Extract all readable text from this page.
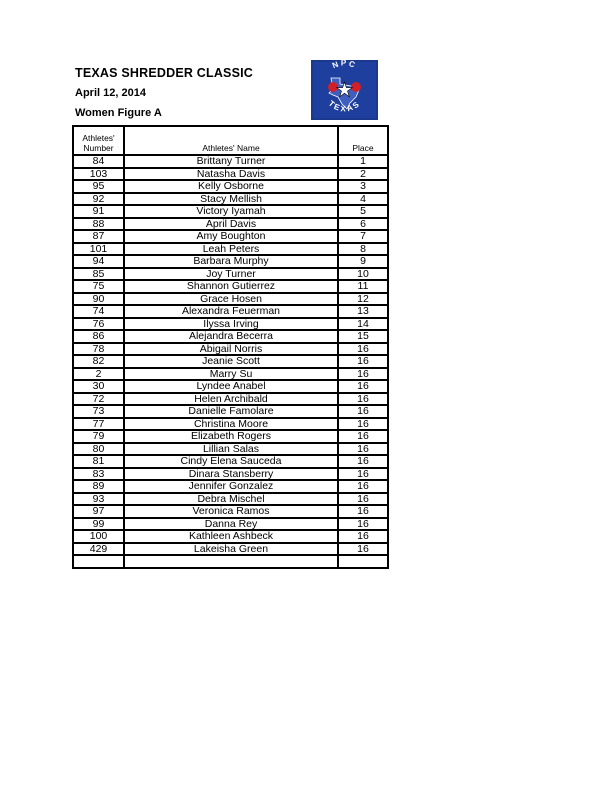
TEXAS SHREDDER CLASSIC
April 12, 2014
Women Figure A
NPC
TEXAS
Athletes'
Number	Athletes' Name	Place
84	Brittany Turner	1
103	Natasha Davis	2
95	Kelly Osborne	3
92	Stacy Mellish	4
91	Victory Iyamah	5
88	April Davis	6
87	Amy Boughton	7
101	Leah Peters	8
94	Barbara Murphy	9
85	Joy Turner	10
75	Shannon Gutierrez	11
90	Grace Hosen	12
74	Alexandra Feuerman	13
76	Ilyssa Irving	14
86	Alejandra Becerra	15
78	Abigail Norris	16
82	Jeanie Scott	16
2	Marry Su	16
30	Lyndee Anabel	16
72	Helen Archibald	16
73	Danielle Famolare	16
77	Christina Moore	16
79	Elizabeth Rogers	16
80	Lillian Salas	16
81	Cindy Elena Sauceda	16
83	Dinara Stansberry	16
89	Jennifer Gonzalez	16
93	Debra Mischel	16
97	Veronica Ramos	16
99	Danna Rey	16
100	Kathleen Ashbeck	16
429	Lakeisha Green	16
